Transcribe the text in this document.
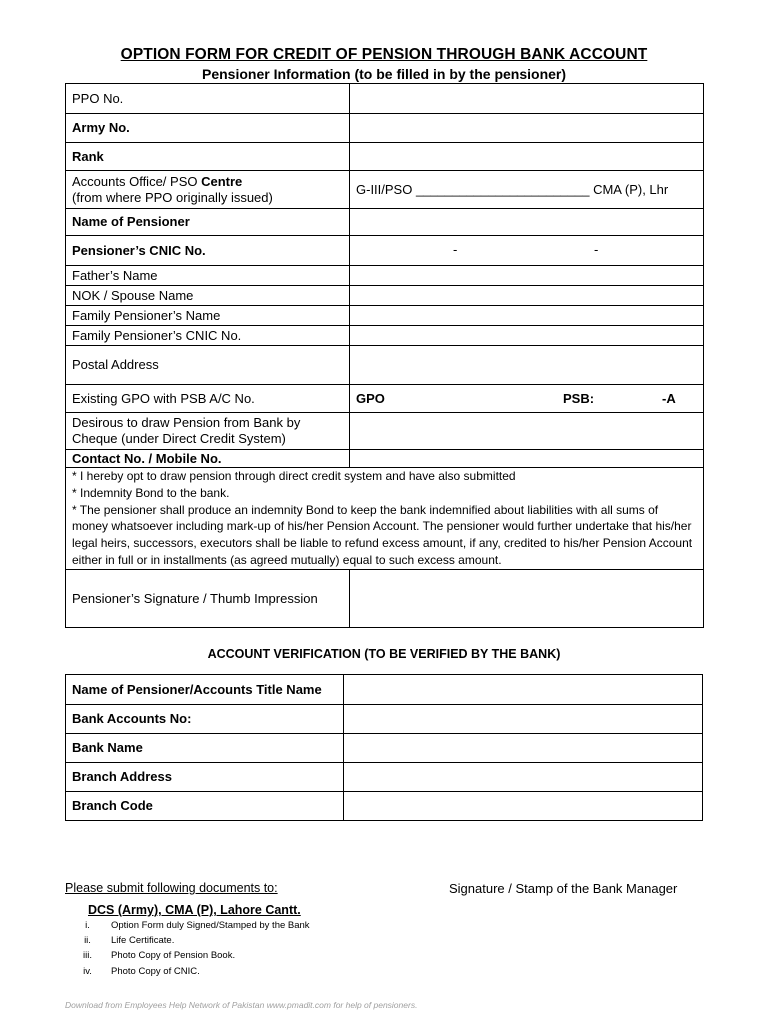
OPTION FORM FOR CREDIT OF PENSION THROUGH BANK ACCOUNT
Pensioner Information (to be filled in by the pensioner)
PPO No.	
Army No.	
Rank	

Accounts Office/ PSO Centre
(from where PPO originally issued)	G-III/PSO ________________________ CMA (P), Lhr
Name of Pensioner	
Pensioner’s CNIC No.	- -

Father’s Name	
NOK / Spouse Name	
Family Pensioner’s Name	
Family Pensioner’s CNIC No.	
Postal Address	
Existing GPO with PSB A/C No.	GPO PSB: -A

Desirous to draw Pension from Bank by
Cheque (under Direct Credit System)	

Contact No. / Mobile No.	

* I hereby opt to draw pension through direct credit system and have also submitted

* Indemnity Bond to the bank.

* The pensioner shall produce an indemnity Bond to keep the bank indemnified about liabilities with all sums of money whatsoever including mark-up of his/her Pension Account. The pensioner would further undertake that his/her legal heirs, successors, executors shall be liable to refund excess amount, if any, credited to his/her Pension Account either in full or in installments (as agreed mutually) equal to such excess amount.	

Pensioner’s Signature / Thumb Impression	
ACCOUNT VERIFICATION (TO BE VERIFIED BY THE BANK)
Name of Pensioner/Accounts Title Name	
Bank Accounts No:	
Bank Name	
Branch Address	
Branch Code	
Please submit following documents to:	Signature / Stamp of the Bank Manager
DCS (Army), CMA (P), Lahore Cantt.
i. Option Form duly Signed/Stamped by the Bank
ii. Life Certificate.
iii. Photo Copy of Pension Book.
iv. Photo Copy of CNIC.
Download from Employees Help Network of Pakistan www.pmadit.com for help of pensioners.
